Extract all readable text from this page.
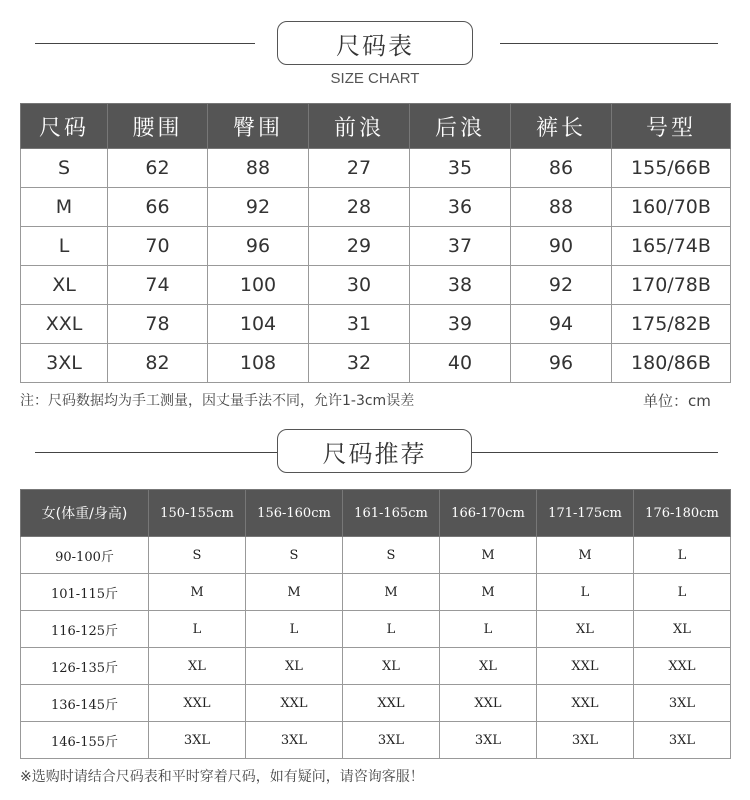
尺码表
SIZE CHART
尺码	腰围	臀围	前浪	后浪	裤长	号型
S	62	88	27	35	86	155/66B
M	66	92	28	36	88	160/70B
L	70	96	29	37	90	165/74B
XL	74	100	30	38	92	170/78B
XXL	78	104	31	39	94	175/82B
3XL	82	108	32	40	96	180/86B
注：尺码数据均为手工测量，因丈量手法不同，允许1-3cm误差	单位：cm
尺码推荐
女(体重/身高)	150-155cm	156-160cm	161-165cm	166-170cm	171-175cm	176-180cm
90-100斤	S	S	S	M	M	L
101-115斤	M	M	M	M	L	L
116-125斤	L	L	L	L	XL	XL
126-135斤	XL	XL	XL	XL	XXL	XXL
136-145斤	XXL	XXL	XXL	XXL	XXL	3XL
146-155斤	3XL	3XL	3XL	3XL	3XL	3XL
※选购时请结合尺码表和平时穿着尺码，如有疑问，请咨询客服！
